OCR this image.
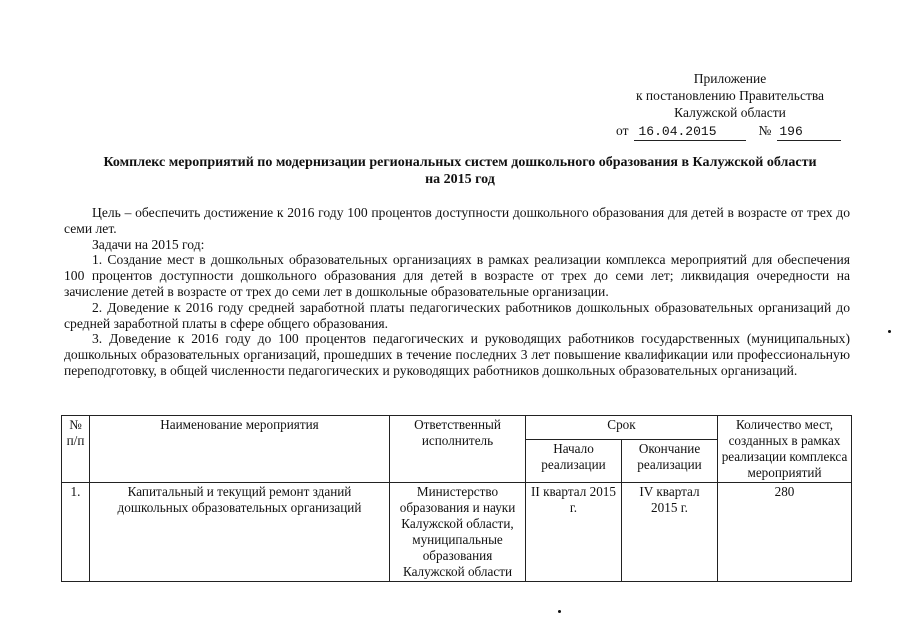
Приложение
к постановлению Правительства
Калужской области
от 16.04.2015	№ 196
Комплекс мероприятий по модернизации региональных систем дошкольного образования в Калужской области
на 2015 год

Цель – обеспечить достижение к 2016 году 100 процентов доступности дошкольного образования для детей в возрасте от трех до семи лет.

Задачи на 2015 год:

1. Создание мест в дошкольных образовательных организациях в рамках реализации комплекса мероприятий для обеспечения 100 процентов доступности дошкольного образования для детей в возрасте от трех до семи лет; ликвидация очередности на зачисление детей в возрасте от трех до семи лет в дошкольные образовательные организации.

2. Доведение к 2016 году средней заработной платы педагогических работников дошкольных образовательных организаций до средней заработной платы в сфере общего образования.

3. Доведение к 2016 году до 100 процентов педагогических и руководящих работников государственных (муниципальных) дошкольных образовательных организаций, прошедших в течение последних 3 лет повышение квалификации или профессиональную переподготовку, в общей численности педагогических и руководящих работников дошкольных образовательных организаций.

№ п/п	Наименование мероприятия	Ответственный исполнитель	Срок		Количество мест, созданных в рамках реализации комплекса мероприятий
			Начало реализации	Окончание реализации	
1.	Капитальный и текущий ремонт зданий дошкольных образовательных организаций	Министерство образования и науки Калужской области, муниципальные образования Калужской области	II квартал 2015 г.	IV квартал 2015 г.	280
